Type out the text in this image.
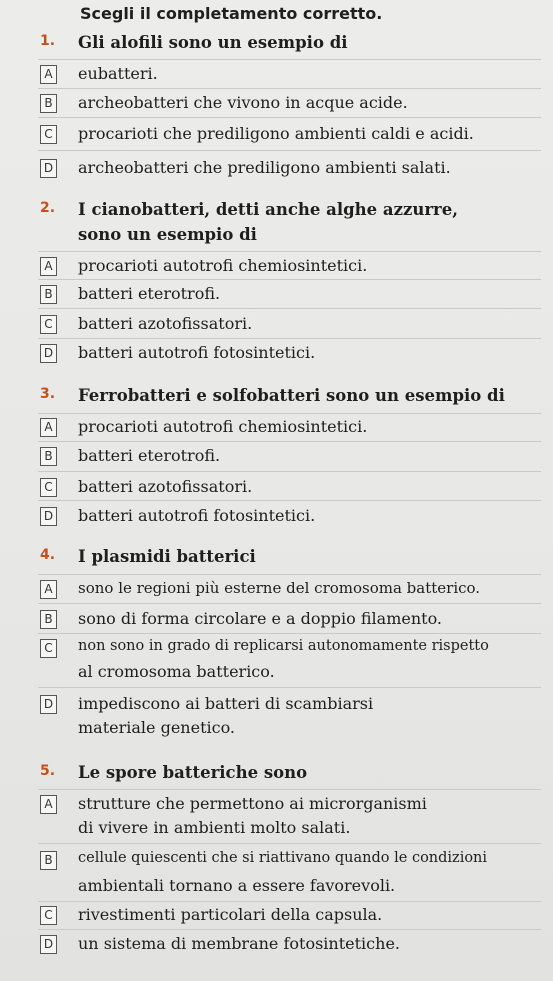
Scegli il completamento corretto.
1. Gli alofili sono un esempio di
A eubatteri.
B archeobatteri che vivono in acque acide.
C procarioti che prediligono ambienti caldi e acidi.
D archeobatteri che prediligono ambienti salati.
2. I cianobatteri, detti anche alghe azzurre,
sono un esempio di
A procarioti autotrofi chemiosintetici.
B batteri eterotrofi.
C batteri azotofissatori.
D batteri autotrofi fotosintetici.
3. Ferrobatteri e solfobatteri sono un esempio di
A procarioti autotrofi chemiosintetici.
B batteri eterotrofi.
C batteri azotofissatori.
D batteri autotrofi fotosintetici.
4. I plasmidi batterici
A sono le regioni più esterne del cromosoma batterico.
B sono di forma circolare e a doppio filamento.
C non sono in grado di replicarsi autonomamente rispetto
al cromosoma batterico.
D impediscono ai batteri di scambiarsi
materiale genetico.
5. Le spore batteriche sono
A strutture che permettono ai microrganismi
di vivere in ambienti molto salati.
B	cellule quiescenti che si riattivano quando le condizioni
ambientali tornano a essere favorevoli.
C rivestimenti particolari della capsula.
D un sistema di membrane fotosintetiche.
